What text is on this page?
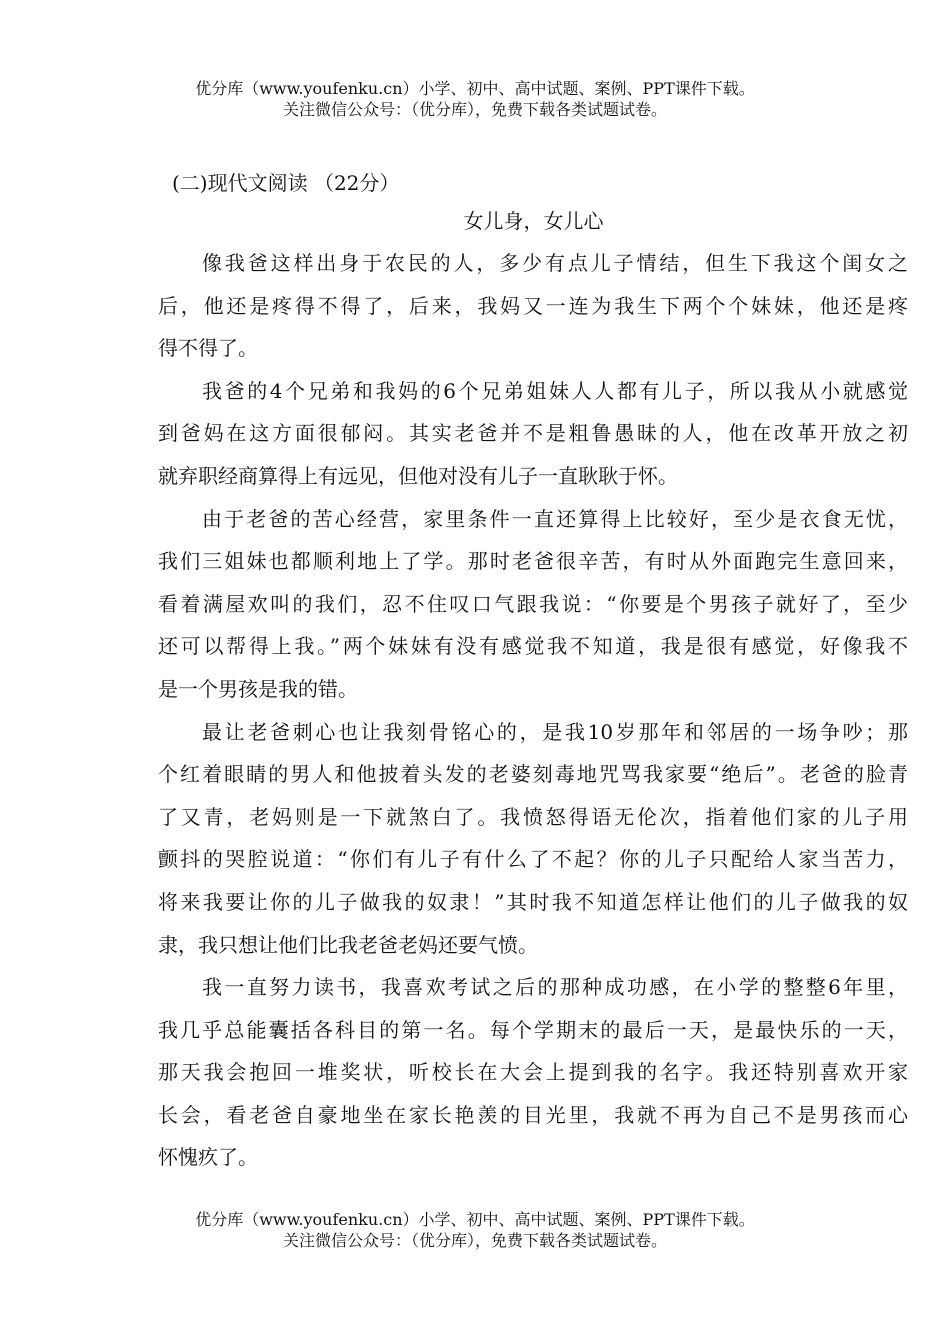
优分库（www.youfenku.cn）小学、初中、高中试题、案例、PPT课件下载。
关注微信公众号：（优分库），免费下载各类试题试卷。
(二)现代文阅读 （22分）
女儿身，女儿心
像我爸这样出身于农民的人，多少有点儿子情结，但生下我这个闺女之
后，他还是疼得不得了，后来，我妈又一连为我生下两个个妹妹，他还是疼
得不得了。
我爸的4个兄弟和我妈的6个兄弟姐妹人人都有儿子，所以我从小就感觉
到爸妈在这方面很郁闷。其实老爸并不是粗鲁愚昧的人，他在改革开放之初
就弃职经商算得上有远见，但他对没有儿子一直耿耿于怀。
由于老爸的苦心经营，家里条件一直还算得上比较好，至少是衣食无忧，
我们三姐妹也都顺利地上了学。那时老爸很辛苦，有时从外面跑完生意回来，
看着满屋欢叫的我们，忍不住叹口气跟我说：“你要是个男孩子就好了，至少
还可以帮得上我。”两个妹妹有没有感觉我不知道，我是很有感觉，好像我不
是一个男孩是我的错。
最让老爸刺心也让我刻骨铭心的，是我10岁那年和邻居的一场争吵；那
个红着眼睛的男人和他披着头发的老婆刻毒地咒骂我家要“绝后”。老爸的脸青
了又青，老妈则是一下就煞白了。我愤怒得语无伦次，指着他们家的儿子用
颤抖的哭腔说道：“你们有儿子有什么了不起？你的儿子只配给人家当苦力，
将来我要让你的儿子做我的奴隶！”其时我不知道怎样让他们的儿子做我的奴
隶，我只想让他们比我老爸老妈还要气愤。
我一直努力读书，我喜欢考试之后的那种成功感，在小学的整整6年里，
我几乎总能囊括各科目的第一名。每个学期末的最后一天，是最快乐的一天，
那天我会抱回一堆奖状，听校长在大会上提到我的名字。我还特别喜欢开家
长会，看老爸自豪地坐在家长艳羡的目光里，我就不再为自己不是男孩而心
怀愧疚了。
优分库（www.youfenku.cn）小学、初中、高中试题、案例、PPT课件下载。
关注微信公众号：（优分库），免费下载各类试题试卷。
